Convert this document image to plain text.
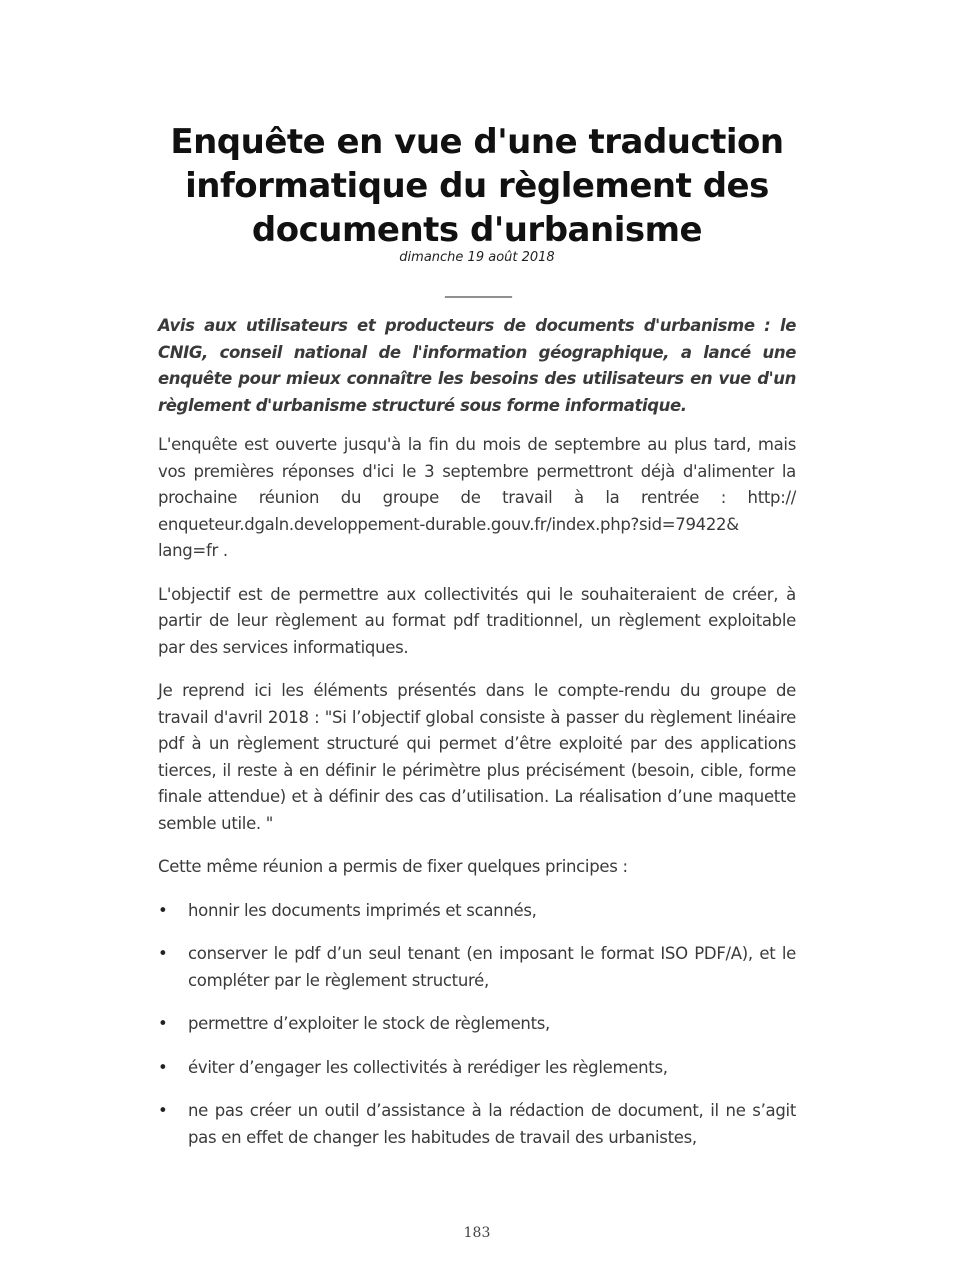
Enquête en vue d'une traduction informatique du règlement des documents d'urbanisme
dimanche 19 août 2018
___________

Avis aux utilisateurs et producteurs de documents d'urbanisme : le CNIG, conseil national de l'information géographique, a lancé une enquête pour mieux connaître les besoins des utilisateurs en vue d'un règlement d'urbanisme structuré sous forme informatique.

L'enquête est ouverte jusqu'à la fin du mois de septembre au plus tard, mais vos premières réponses d'ici le 3 septembre permettront déjà d'alimenter la prochaine réunion du groupe de travail à la rentrée : http:// enqueteur.dgaln.developpement-durable.gouv.fr/index.php?sid=79422& lang=fr .

L'objectif est de permettre aux collectivités qui le souhaiteraient de créer, à partir de leur règlement au format pdf traditionnel, un règlement exploitable par des services informatiques.

Je reprend ici les éléments présentés dans le compte-rendu du groupe de travail d'avril 2018 : "Si l’objectif global consiste à passer du règlement linéaire pdf à un règlement structuré qui permet d’être exploité par des applications tierces, il reste à en définir le périmètre plus précisément (besoin, cible, forme finale attendue) et à définir des cas d’utilisation. La réalisation d’une maquette semble utile. "

Cette même réunion a permis de fixer quelques principes :

• honnir les documents imprimés et scannés,
• conserver le pdf d’un seul tenant (en imposant le format ISO PDF/A), et le compléter par le règlement structuré,
• permettre d’exploiter le stock de règlements,
• éviter d’engager les collectivités à rerédiger les règlements,
• ne pas créer un outil d’assistance à la rédaction de document, il ne s’agit pas en effet de changer les habitudes de travail des urbanistes,
183
